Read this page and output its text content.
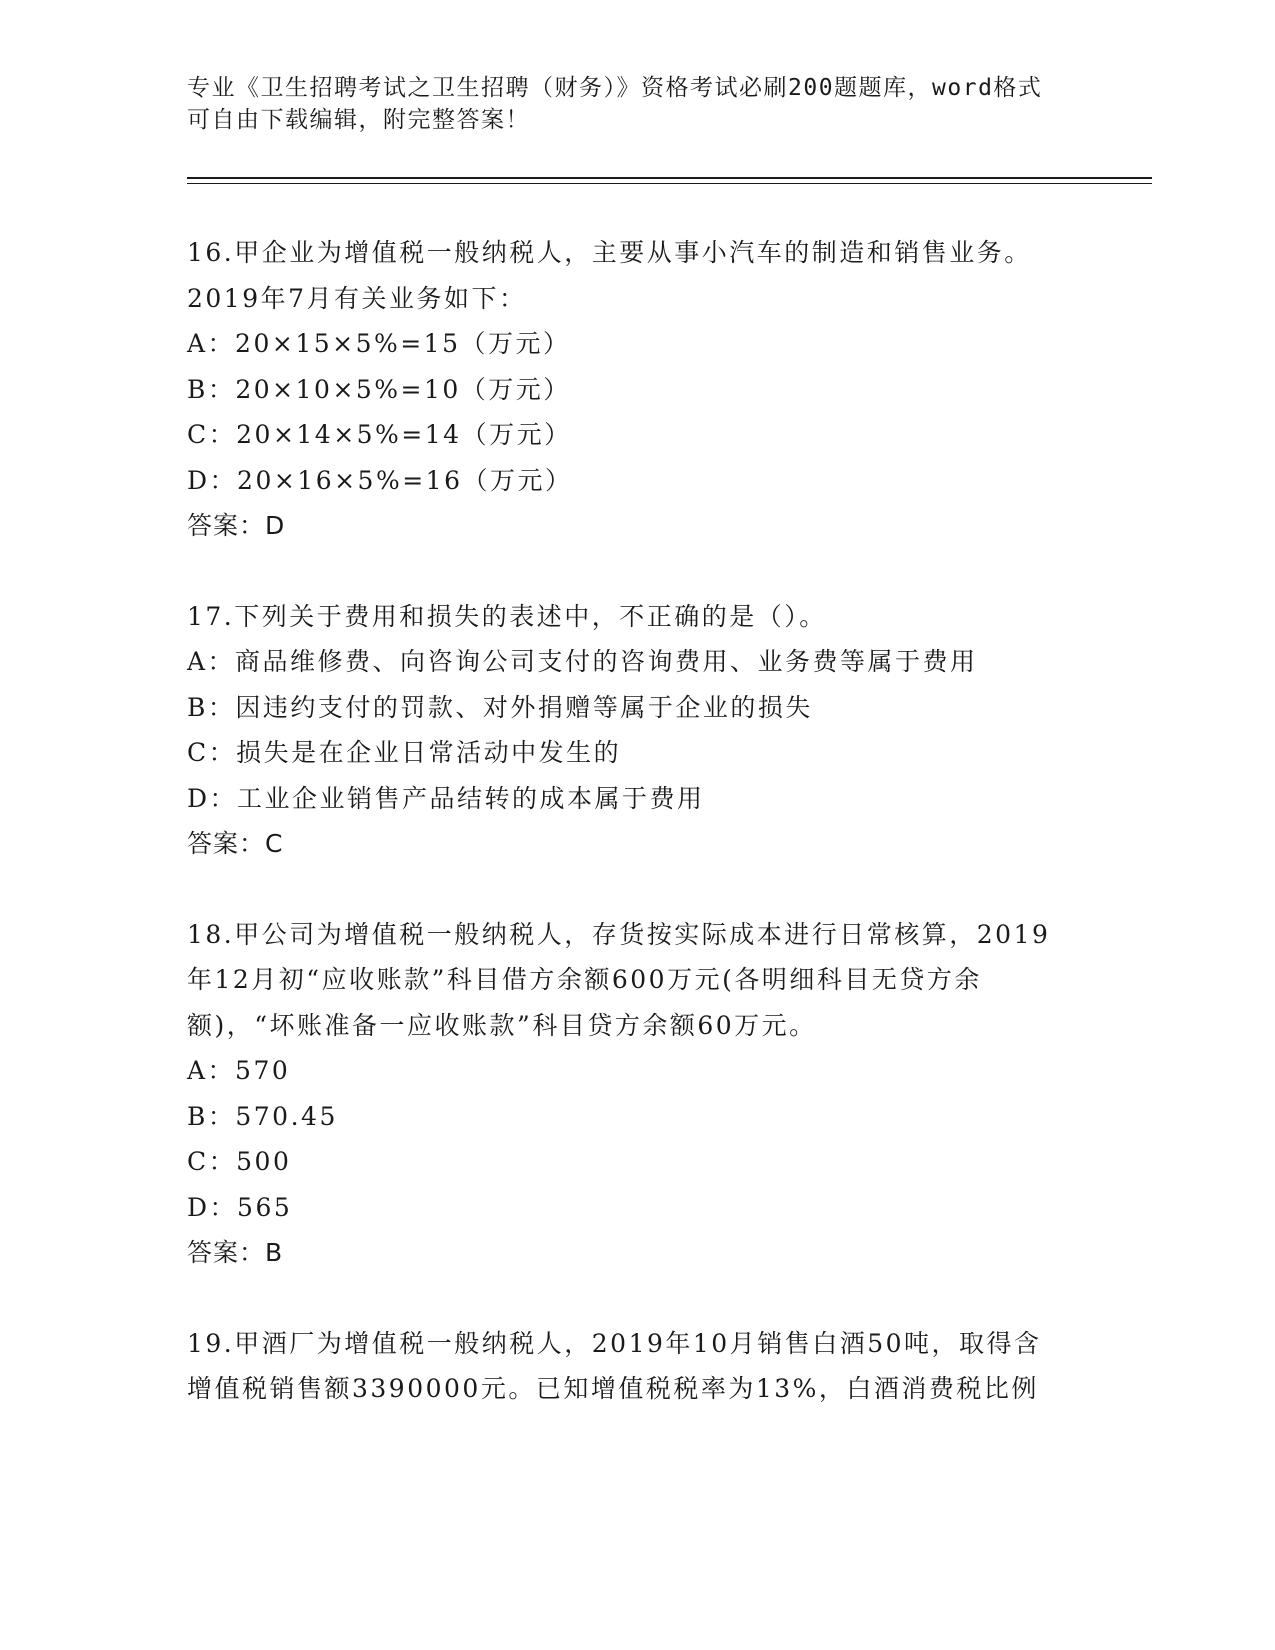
专业《卫生招聘考试之卫生招聘（财务）》资格考试必刷200题题库，word格式
可自由下载编辑，附完整答案！

16.甲企业为增值税一般纳税人，主要从事小汽车的制造和销售业务。

2019年7月有关业务如下：

A：20×15×5%=15（万元）

B：20×10×5%=10（万元）

C：20×14×5%=14（万元）

D：20×16×5%=16（万元）

答案：D

17.下列关于费用和损失的表述中，不正确的是（）。

A：商品维修费、向咨询公司支付的咨询费用、业务费等属于费用

B：因违约支付的罚款、对外捐赠等属于企业的损失

C：损失是在企业日常活动中发生的

D：工业企业销售产品结转的成本属于费用

答案：C

18.甲公司为增值税一般纳税人，存货按实际成本进行日常核算，2019

年12月初“应收账款”科目借方余额600万元(各明细科目无贷方余

额)，“坏账准备一应收账款”科目贷方余额60万元。

A：570

B：570.45

C：500

D：565

答案：B

19.甲酒厂为增值税一般纳税人，2019年10月销售白酒50吨，取得含

增值税销售额3390000元。已知增值税税率为13%，白酒消费税比例
